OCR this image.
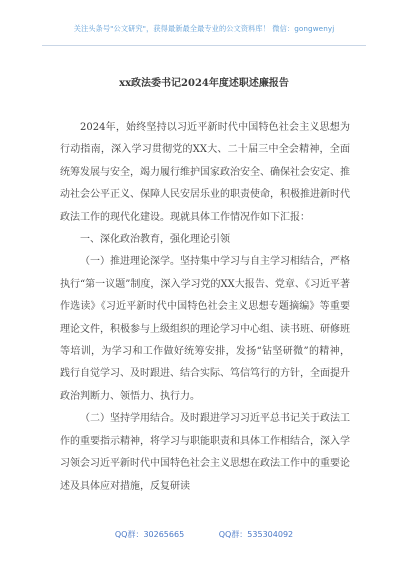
关注头条号"公文研究"，获得最新最全最专业的公文资料库！ 微信：gongwenyj
xx政法委书记2024年度述职述廉报告

2024年，始终坚持以习近平新时代中国特色社会主义思想为行动指南，深入学习贯彻党的XX大、二十届三中全会精神，全面统筹发展与安全，竭力履行维护国家政治安全、确保社会安定、推动社会公平正义、保障人民安居乐业的职责使命，积极推进新时代政法工作的现代化建设。现就具体工作情况作如下汇报：

一、深化政治教育，强化理论引领

（一）推进理论深学。坚持集中学习与自主学习相结合，严格执行“第一议题”制度，深入学习党的XX大报告、党章、《习近平著作选读》《习近平新时代中国特色社会主义思想专题摘编》等重要理论文件，积极参与上级组织的理论学习中心组、读书班、研修班等培训，为学习和工作做好统筹安排，发扬“钻坚研微”的精神，践行自觉学习、及时跟进、结合实际、笃信笃行的方针，全面提升政治判断力、领悟力、执行力。

（二）坚持学用结合。及时跟进学习习近平总书记关于政法工作的重要指示精神，将学习与职能职责和具体工作相结合，深入学习领会习近平新时代中国特色社会主义思想在政法工作中的重要论述及具体应对措施，反复研读

QQ群：30265665	QQ群：535304092
